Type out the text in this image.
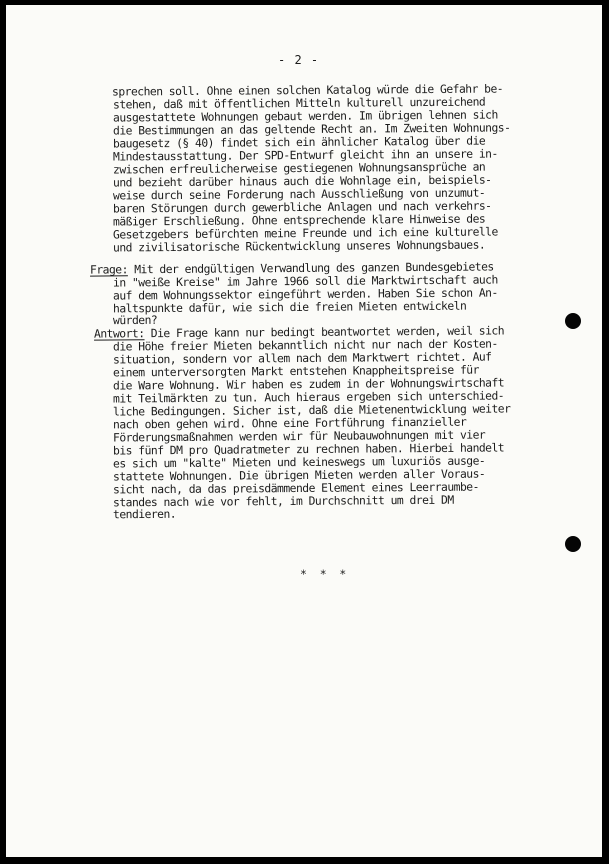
- 2 -

sprechen soll. Ohne einen solchen Katalog würde die Gefahr be-

stehen, daß mit öffentlichen Mitteln kulturell unzureichend

ausgestattete Wohnungen gebaut werden. Im übrigen lehnen sich

die Bestimmungen an das geltende Recht an. Im Zweiten Wohnungs-

baugesetz (§ 40) findet sich ein ähnlicher Katalog über die

Mindestausstattung. Der SPD-Entwurf gleicht ihn an unsere in-

zwischen erfreulicherweise gestiegenen Wohnungsansprüche an

und bezieht darüber hinaus auch die Wohnlage ein, beispiels-

weise durch seine Forderung nach Ausschließung von unzumut-

baren Störungen durch gewerbliche Anlagen und nach verkehrs-

mäßiger Erschließung. Ohne entsprechende klare Hinweise des

Gesetzgebers befürchten meine Freunde und ich eine kulturelle

und zivilisatorische Rückentwicklung unseres Wohnungsbaues.

Frage: Mit der endgültigen Verwandlung des ganzen Bundesgebietes

in "weiße Kreise" im Jahre 1966 soll die Marktwirtschaft auch

auf dem Wohnungssektor eingeführt werden. Haben Sie schon An-

haltspunkte dafür, wie sich die freien Mieten entwickeln

würden?

Antwort: Die Frage kann nur bedingt beantwortet werden, weil sich

die Höhe freier Mieten bekanntlich nicht nur nach der Kosten-

situation, sondern vor allem nach dem Marktwert richtet. Auf

einem unterversorgten Markt entstehen Knappheitspreise für

die Ware Wohnung. Wir haben es zudem in der Wohnungswirtschaft

mit Teilmärkten zu tun. Auch hieraus ergeben sich unterschied-

liche Bedingungen. Sicher ist, daß die Mietenentwicklung weiter

nach oben gehen wird. Ohne eine Fortführung finanzieller

Förderungsmaßnahmen werden wir für Neubauwohnungen mit vier

bis fünf DM pro Quadratmeter zu rechnen haben. Hierbei handelt

es sich um "kalte" Mieten und keineswegs um luxuriös ausge-

stattete Wohnungen. Die übrigen Mieten werden aller Voraus-

sicht nach, da das preisdämmende Element eines Leerraumbe-

standes nach wie vor fehlt, im Durchschnitt um drei DM

tendieren.

* * *
